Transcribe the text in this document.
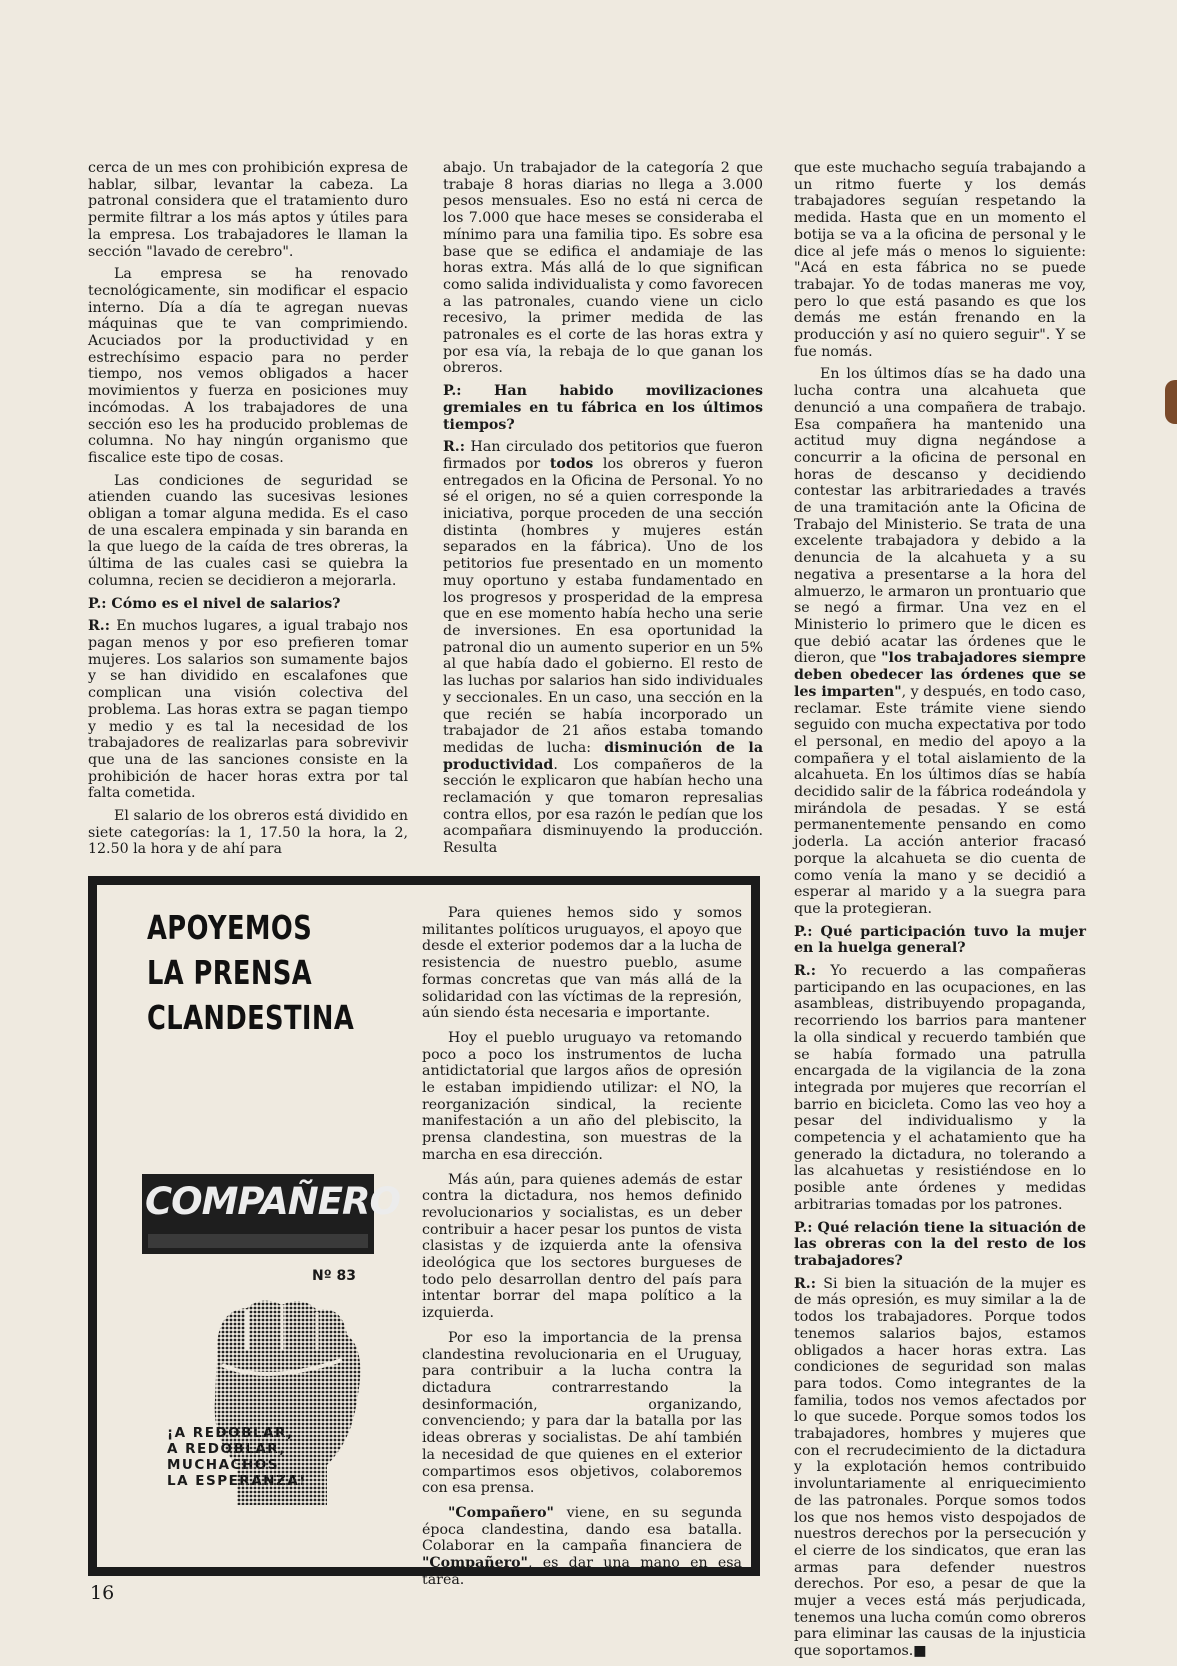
cerca de un mes con prohibición expresa de hablar, silbar, levantar la cabeza. La patronal considera que el tratamiento duro permite filtrar a los más aptos y útiles para la empresa. Los trabajadores le llaman la sección "lavado de cerebro".

La empresa se ha renovado tecnológicamente, sin modificar el espacio interno. Día a día te agregan nuevas máquinas que te van comprimiendo. Acuciados por la productividad y en estrechísimo espacio para no perder tiempo, nos vemos obligados a hacer movimientos y fuerza en posiciones muy incómodas. A los trabajadores de una sección eso les ha producido problemas de columna. No hay ningún organismo que fiscalice este tipo de cosas.

Las condiciones de seguridad se atienden cuando las sucesivas lesiones obligan a tomar alguna medida. Es el caso de una escalera empinada y sin baranda en la que luego de la caída de tres obreras, la última de las cuales casi se quiebra la columna, recien se decidieron a mejorarla.

P.: Cómo es el nivel de salarios?

R.: En muchos lugares, a igual trabajo nos pagan menos y por eso prefieren tomar mujeres. Los salarios son sumamente bajos y se han dividido en escalafones que complican una visión colectiva del problema. Las horas extra se pagan tiempo y medio y es tal la necesidad de los trabajadores de realizarlas para sobrevivir que una de las sanciones consiste en la prohibición de hacer horas extra por tal falta cometida.

El salario de los obreros está dividido en siete categorías: la 1, 17.50 la hora, la 2, 12.50 la hora y de ahí para

abajo. Un trabajador de la categoría 2 que trabaje 8 horas diarias no llega a 3.000 pesos mensuales. Eso no está ni cerca de los 7.000 que hace meses se consideraba el mínimo para una familia tipo. Es sobre esa base que se edifica el andamiaje de las horas extra. Más allá de lo que significan como salida individualista y como favorecen a las patronales, cuando viene un ciclo recesivo, la primer medida de las patronales es el corte de las horas extra y por esa vía, la rebaja de lo que ganan los obreros.

P.: Han habido movilizaciones gremiales en tu fábrica en los últimos tiempos?

R.: Han circulado dos petitorios que fueron firmados por todos los obreros y fueron entregados en la Oficina de Personal. Yo no sé el origen, no sé a quien corresponde la iniciativa, porque proceden de una sección distinta (hombres y mujeres están separados en la fábrica). Uno de los petitorios fue presentado en un momento muy oportuno y estaba fundamentado en los progresos y prosperidad de la empresa que en ese momento había hecho una serie de inversiones. En esa oportunidad la patronal dio un aumento superior en un 5% al que había dado el gobierno. El resto de las luchas por salarios han sido individuales y seccionales. En un caso, una sección en la que recién se había incorporado un trabajador de 21 años estaba tomando medidas de lucha: disminución de la productividad. Los compañeros de la sección le explicaron que habían hecho una reclamación y que tomaron represalias contra ellos, por esa razón le pedían que los acompañara disminuyendo la producción. Resulta

que este muchacho seguía trabajando a un ritmo fuerte y los demás trabajadores seguían respetando la medida. Hasta que en un momento el botija se va a la oficina de personal y le dice al jefe más o menos lo siguiente: "Acá en esta fábrica no se puede trabajar. Yo de todas maneras me voy, pero lo que está pasando es que los demás me están frenando en la producción y así no quiero seguir". Y se fue nomás.

En los últimos días se ha dado una lucha contra una alcahueta que denunció a una compañera de trabajo. Esa compañera ha mantenido una actitud muy digna negándose a concurrir a la oficina de personal en horas de descanso y decidiendo contestar las arbitrariedades a través de una tramitación ante la Oficina de Trabajo del Ministerio. Se trata de una excelente trabajadora y debido a la denuncia de la alcahueta y a su negativa a presentarse a la hora del almuerzo, le armaron un prontuario que se negó a firmar. Una vez en el Ministerio lo primero que le dicen es que debió acatar las órdenes que le dieron, que "los trabajadores siempre deben obedecer las órdenes que se les imparten", y después, en todo caso, reclamar. Este trámite viene siendo seguido con mucha expectativa por todo el personal, en medio del apoyo a la compañera y el total aislamiento de la alcahueta. En los últimos días se había decidido salir de la fábrica rodeándola y mirándola de pesadas. Y se está permanentemente pensando en como joderla. La acción anterior fracasó porque la alcahueta se dio cuenta de como venía la mano y se decidió a esperar al marido y a la suegra para que la protegieran.

P.: Qué participación tuvo la mujer en la huelga general?

R.: Yo recuerdo a las compañeras participando en las ocupaciones, en las asambleas, distribuyendo propaganda, recorriendo los barrios para mantener la olla sindical y recuerdo también que se había formado una patrulla encargada de la vigilancia de la zona integrada por mujeres que recorrían el barrio en bicicleta. Como las veo hoy a pesar del individualismo y la competencia y el achatamiento que ha generado la dictadura, no tolerando a las alcahuetas y resistiéndose en lo posible ante órdenes y medidas arbitrarias tomadas por los patrones.

P.: Qué relación tiene la situación de las obreras con la del resto de los trabajadores?

R.: Si bien la situación de la mujer es de más opresión, es muy similar a la de todos los trabajadores. Porque todos tenemos salarios bajos, estamos obligados a hacer horas extra. Las condiciones de seguridad son malas para todos. Como integrantes de la familia, todos nos vemos afectados por lo que sucede. Porque somos todos los trabajadores, hombres y mujeres que con el recrudecimiento de la dictadura y la explotación hemos contribuido involuntariamente al enriquecimiento de las patronales. Porque somos todos los que nos hemos visto despojados de nuestros derechos por la persecución y el cierre de los sindicatos, que eran las armas para defender nuestros derechos. Por eso, a pesar de que la mujer a veces está más perjudicada, tenemos una lucha común como obreros para eliminar las causas de la injusticia que soportamos.■

APOYEMOS
LA PRENSA
CLANDESTINA
COMPAÑERO
Nº 83
¡A REDOBLAR,
A REDOBLAR,
MUCHACHOS
LA ESPERANZA!

Para quienes hemos sido y somos militantes políticos uruguayos, el apoyo que desde el exterior podemos dar a la lucha de resistencia de nuestro pueblo, asume formas concretas que van más allá de la solidaridad con las víctimas de la represión, aún siendo ésta necesaria e importante.

Hoy el pueblo uruguayo va retomando poco a poco los instrumentos de lucha antidictatorial que largos años de opresión le estaban impidiendo utilizar: el NO, la reorganización sindical, la reciente manifestación a un año del plebiscito, la prensa clandestina, son muestras de la marcha en esa dirección.

Más aún, para quienes además de estar contra la dictadura, nos hemos definido revolucionarios y socialistas, es un deber contribuir a hacer pesar los puntos de vista clasistas y de izquierda ante la ofensiva ideológica que los sectores burgueses de todo pelo desarrollan dentro del país para intentar borrar del mapa político a la izquierda.

Por eso la importancia de la prensa clandestina revolucionaria en el Uruguay, para contribuir a la lucha contra la dictadura contrarrestando la desinformación, organizando, convenciendo; y para dar la batalla por las ideas obreras y socialistas. De ahí también la necesidad de que quienes en el exterior compartimos esos objetivos, colaboremos con esa prensa.

"Compañero" viene, en su segunda época clandestina, dando esa batalla. Colaborar en la campaña financiera de "Compañero", es dar una mano en esa tarea.

16
